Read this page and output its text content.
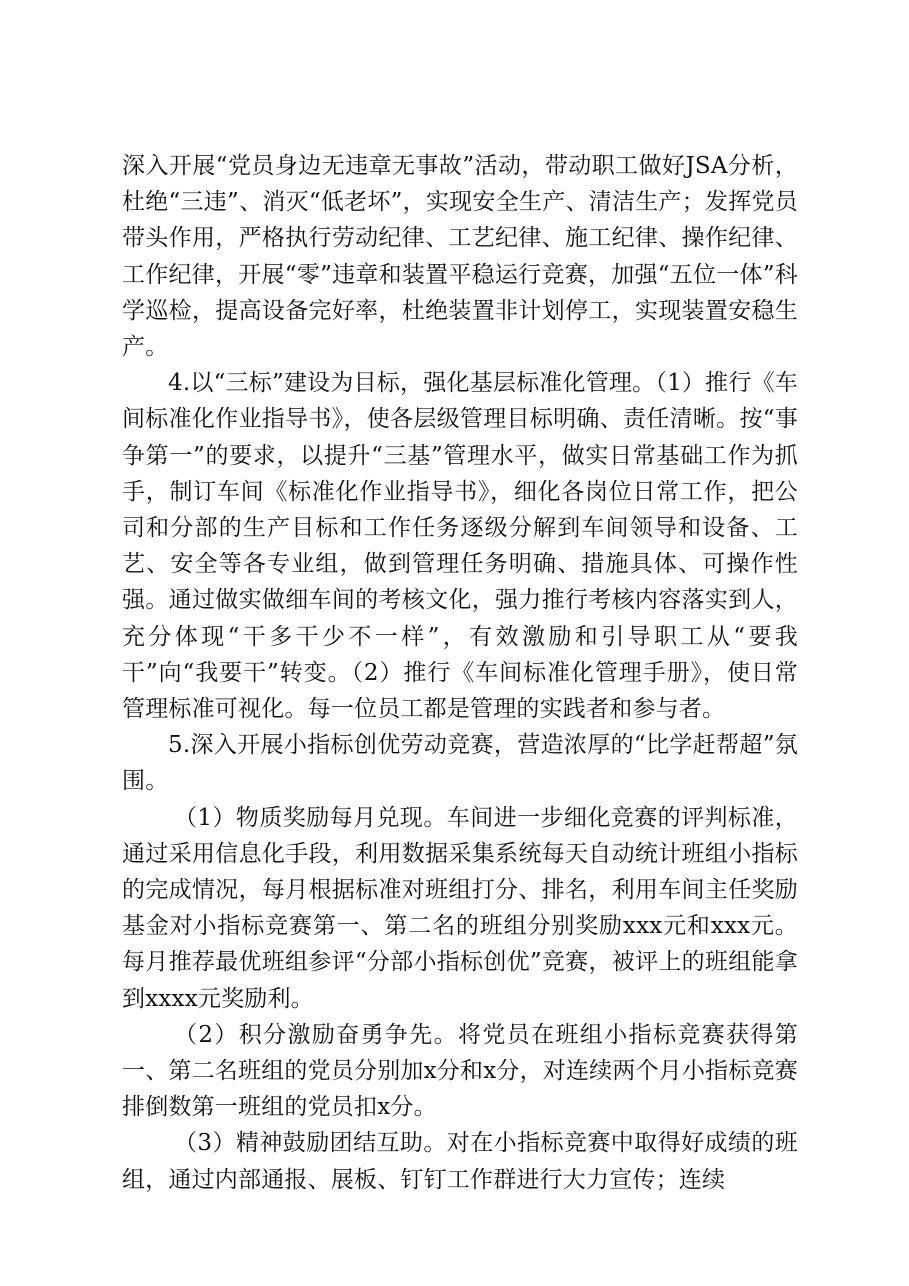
深入开展“党员身边无违章无事故”活动，带动职工做好JSA分析，杜绝“三违”、消灭“低老坏”，实现安全生产、清洁生产；发挥党员带头作用，严格执行劳动纪律、工艺纪律、施工纪律、操作纪律、工作纪律，开展“零”违章和装置平稳运行竞赛，加强“五位一体”科学巡检，提高设备完好率，杜绝装置非计划停工，实现装置安稳生产。

4.以“三标”建设为目标，强化基层标准化管理。（1）推行《车间标准化作业指导书》，使各层级管理目标明确、责任清晰。按“事争第一”的要求，以提升“三基”管理水平，做实日常基础工作为抓手，制订车间《标准化作业指导书》，细化各岗位日常工作，把公司和分部的生产目标和工作任务逐级分解到车间领导和设备、工艺、安全等各专业组，做到管理任务明确、措施具体、可操作性强。通过做实做细车间的考核文化，强力推行考核内容落实到人，充分体现“干多干少不一样”，有效激励和引导职工从“要我干”向“我要干”转变。（2）推行《车间标准化管理手册》，使日常管理标准可视化。每一位员工都是管理的实践者和参与者。

5.深入开展小指标创优劳动竞赛，营造浓厚的“比学赶帮超”氛围。

（1）物质奖励每月兑现。车间进一步细化竞赛的评判标准，通过采用信息化手段，利用数据采集系统每天自动统计班组小指标的完成情况，每月根据标准对班组打分、排名，利用车间主任奖励基金对小指标竞赛第一、第二名的班组分别奖励xxx元和xxx元。每月推荐最优班组参评“分部小指标创优”竞赛，被评上的班组能拿到xxxx元奖励利。

（2）积分激励奋勇争先。将党员在班组小指标竞赛获得第一、第二名班组的党员分别加x分和x分，对连续两个月小指标竞赛排倒数第一班组的党员扣x分。

（3）精神鼓励团结互助。对在小指标竞赛中取得好成绩的班组，通过内部通报、展板、钉钉工作群进行大力宣传；连续
